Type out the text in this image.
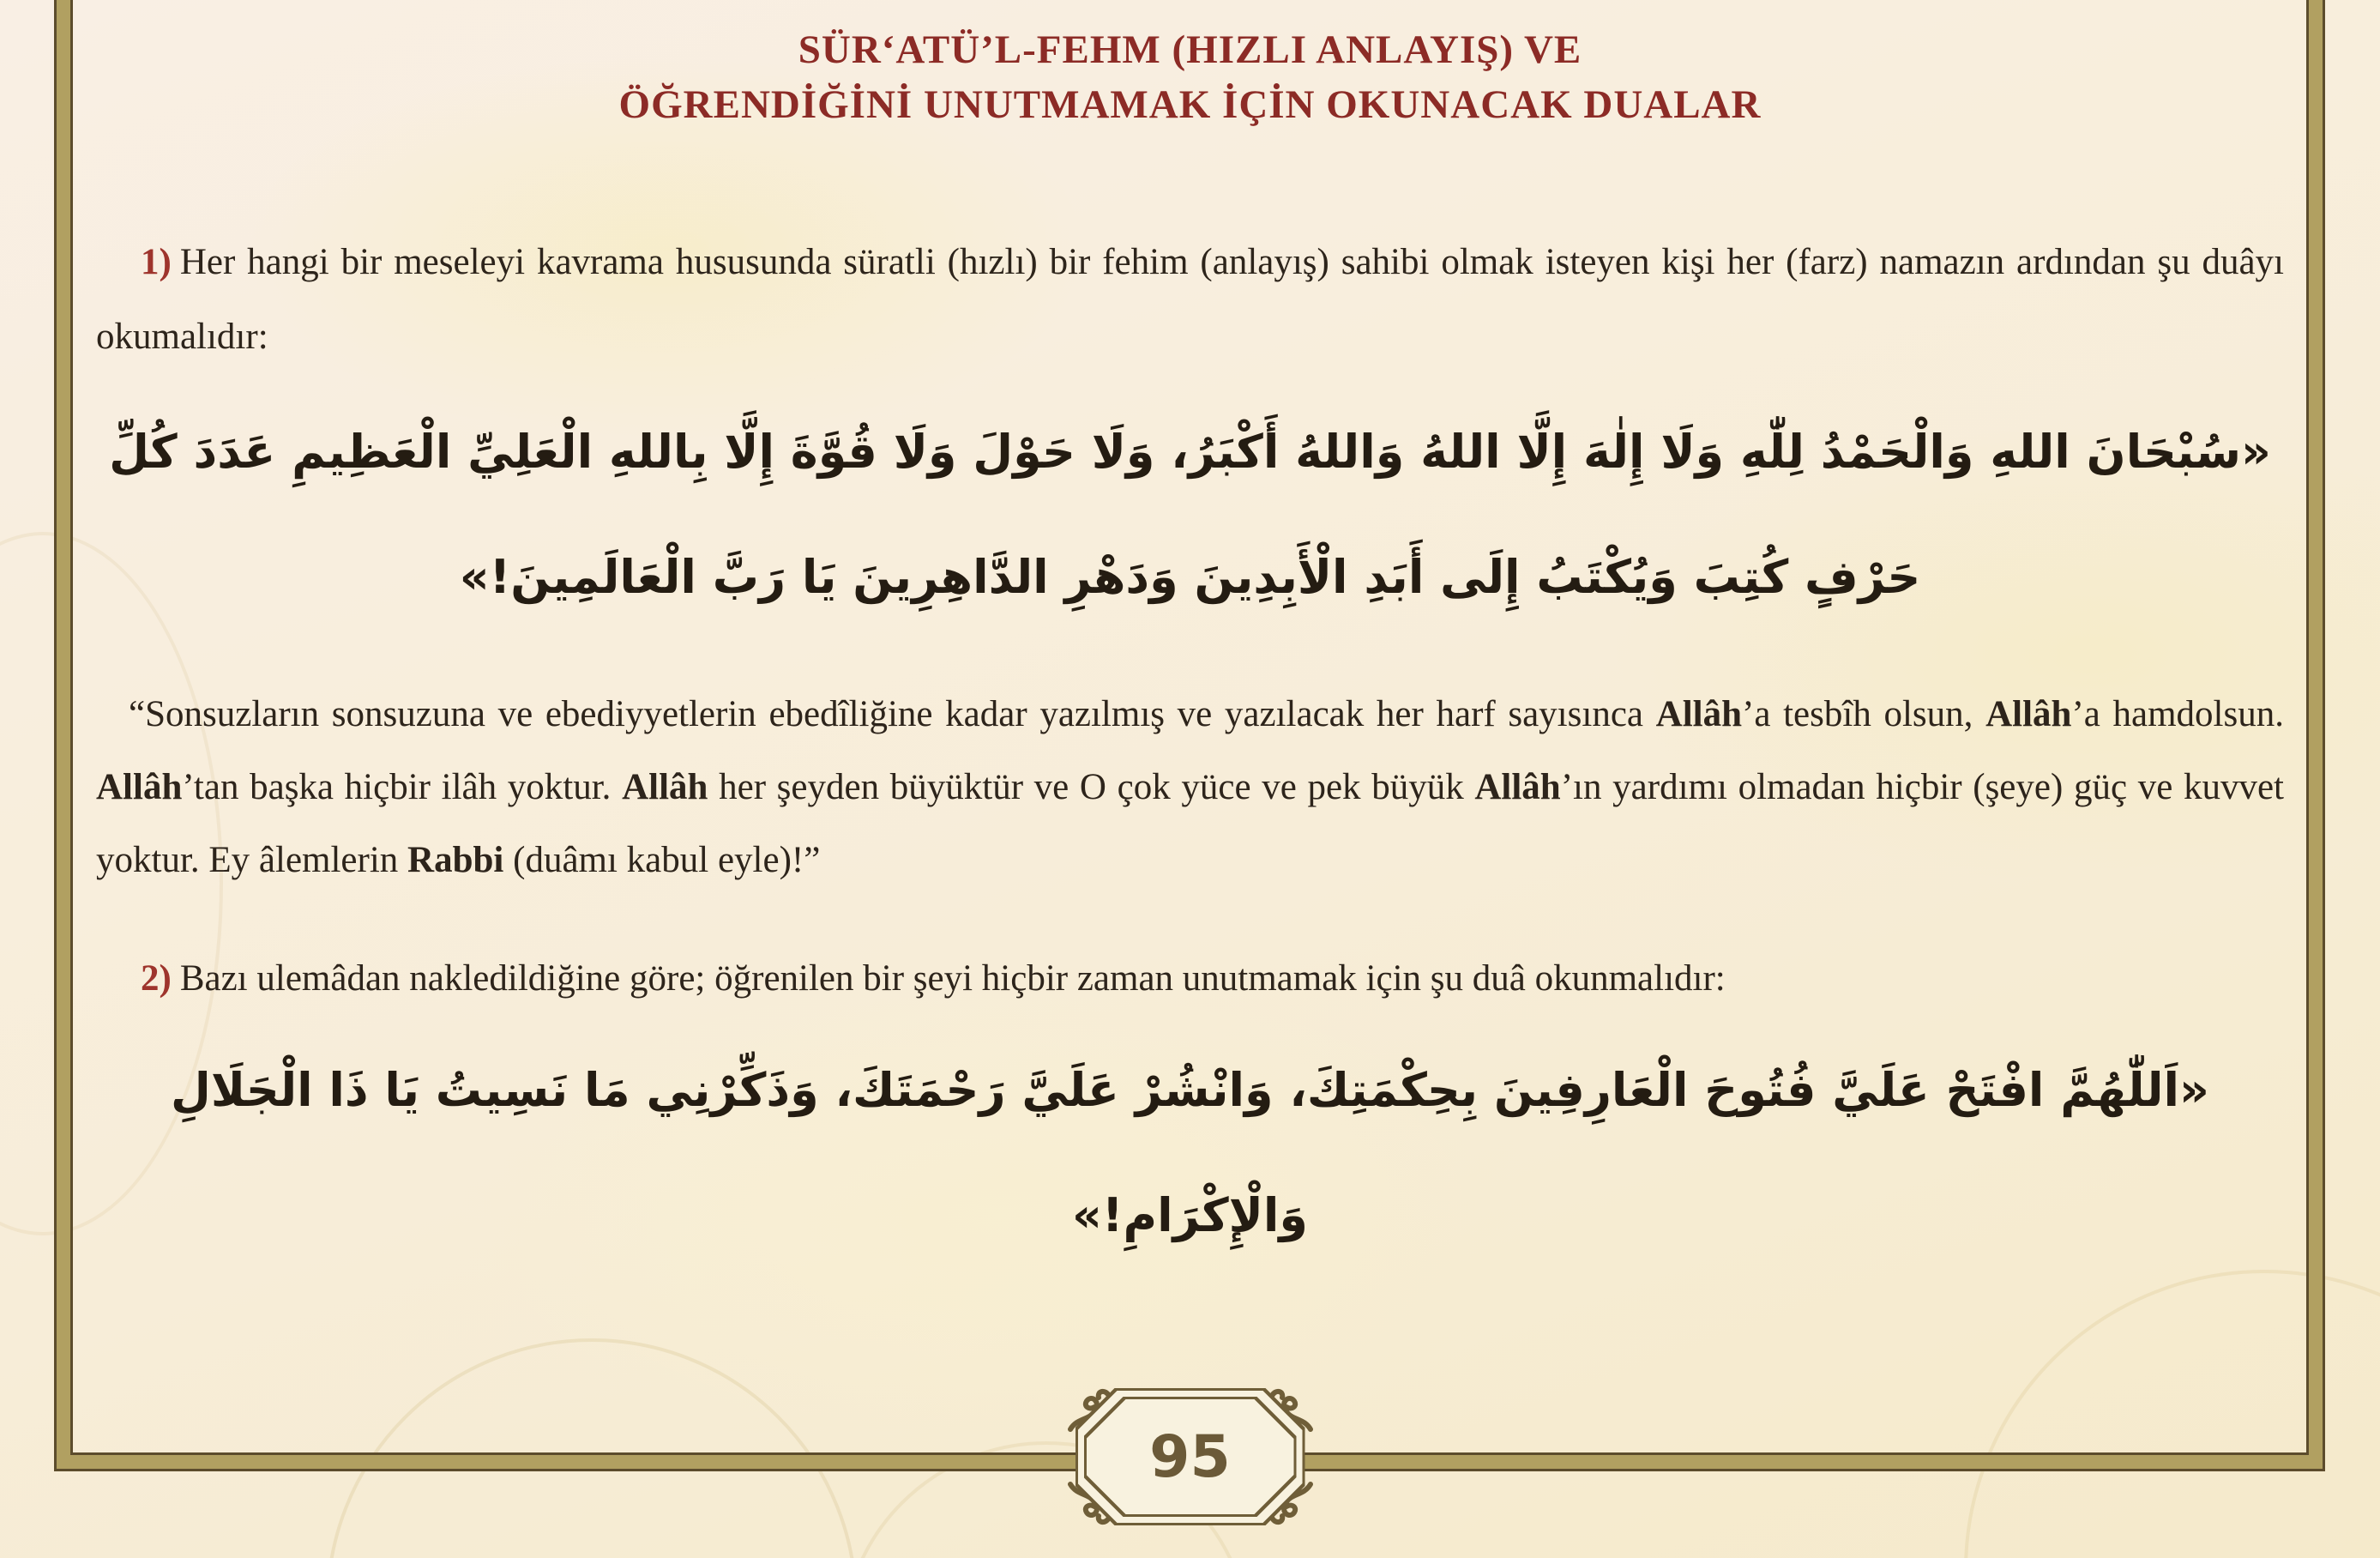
SÜR‘ATÜ’L-FEHM (HIZLI ANLAYIŞ) VE
ÖĞRENDİĞİNİ UNUTMAMAK İÇİN OKUNACAK DUALAR

1) Her hangi bir meseleyi kavrama hususunda süratli (hızlı) bir fehim (anlayış) sahibi olmak isteyen kişi her (farz) namazın ardından şu duâyı okumalıdır:

«سُبْحَانَ اللهِ وَالْحَمْدُ لِلّٰهِ وَلَا إِلٰهَ إِلَّا اللهُ وَاللهُ أَكْبَرُ، وَلَا حَوْلَ وَلَا قُوَّةَ إِلَّا بِاللهِ الْعَلِيِّ الْعَظِيمِ عَدَدَ كُلِّ حَرْفٍ كُتِبَ وَيُكْتَبُ إِلَى أَبَدِ الْأَبِدِينَ وَدَهْرِ الدَّاهِرِينَ يَا رَبَّ الْعَالَمِينَ!»

“Sonsuzların sonsuzuna ve ebediyyetlerin ebedîliğine kadar yazılmış ve yazılacak her harf sayısınca Allâh’a tesbîh olsun, Allâh’a hamdolsun. Allâh’tan başka hiçbir ilâh yoktur. Allâh her şeyden büyüktür ve O çok yüce ve pek büyük Allâh’ın yardımı olmadan hiçbir (şeye) güç ve kuvvet yoktur. Ey âlemlerin Rabbi (duâmı kabul eyle)!”

2) Bazı ulemâdan nakledildiğine göre; öğrenilen bir şeyi hiçbir zaman unutmamak için şu duâ okunmalıdır:

«اَللّٰهُمَّ افْتَحْ عَلَيَّ فُتُوحَ الْعَارِفِينَ بِحِكْمَتِكَ، وَانْشُرْ عَلَيَّ رَحْمَتَكَ، وَذَكِّرْنِي مَا نَسِيتُ يَا ذَا الْجَلَالِ وَالْإِكْرَامِ!»
95
